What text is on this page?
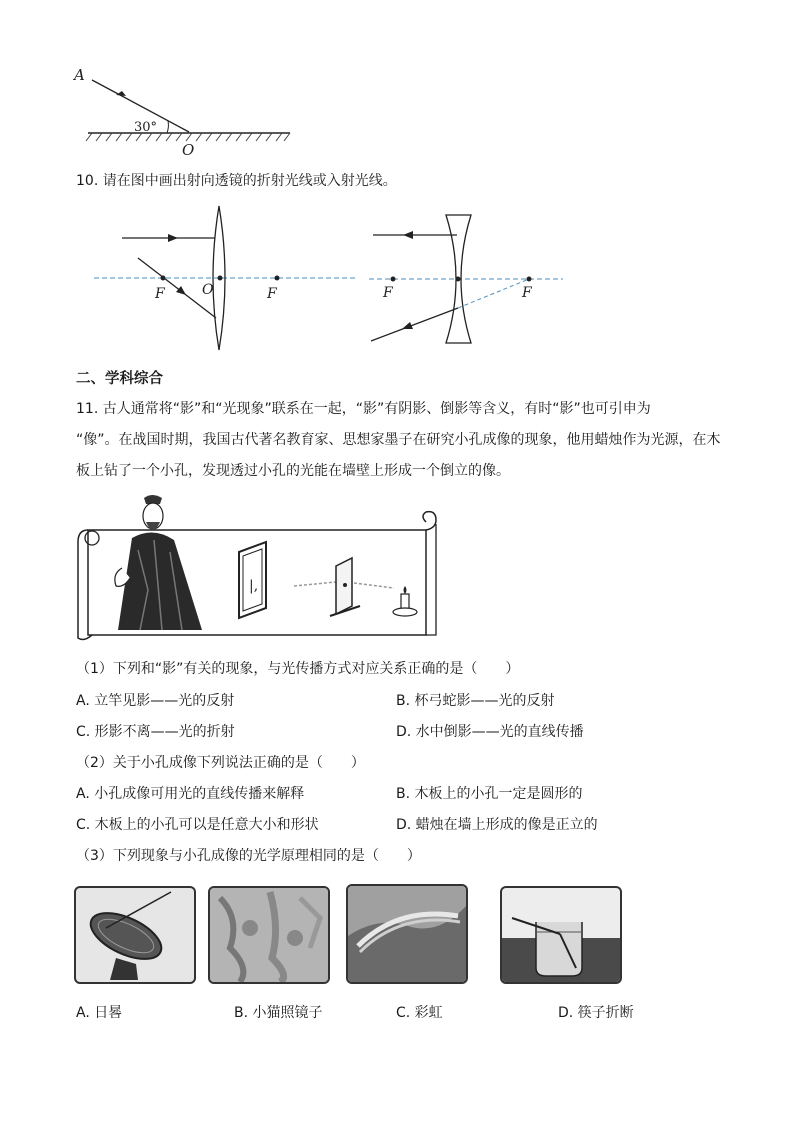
A
30°
O
10. 请在图中画出射向透镜的折射光线或入射光线。
F	O	F	F	F
二、学科综合
11. 古人通常将“影”和“光现象”联系在一起，“影”有阴影、倒影等含义，有时“影”也可引申为
“像”。在战国时期，我国古代著名教育家、思想家墨子在研究小孔成像的现象，他用蜡烛作为光源，在木
板上钻了一个小孔，发现透过小孔的光能在墙壁上形成一个倒立的像。
|,
（1）下列和“影”有关的现象，与光传播方式对应关系正确的是（　　）
A. 立竿见影——光的反射	B. 杯弓蛇影——光的反射
C. 形影不离——光的折射	D. 水中倒影——光的直线传播
（2）关于小孔成像下列说法正确的是（　　）
A. 小孔成像可用光的直线传播来解释	B. 木板上的小孔一定是圆形的
C. 木板上的小孔可以是任意大小和形状	D. 蜡烛在墙上形成的像是正立的
（3）下列现象与小孔成像的光学原理相同的是（　　）
A. 日晷	B. 小猫照镜子	C. 彩虹	D. 筷子折断
